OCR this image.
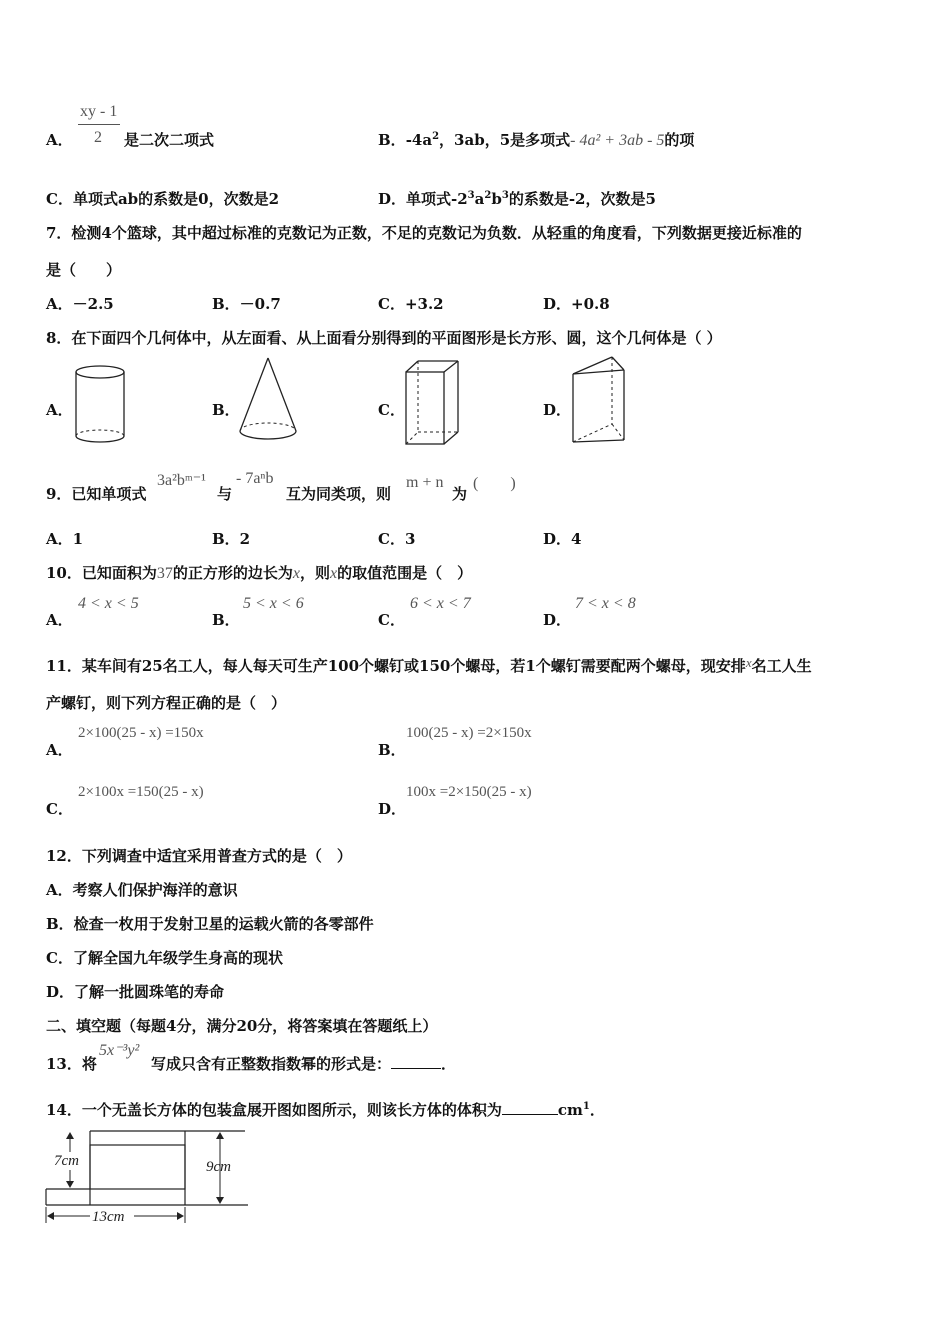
A．
xy - 1
2 是二次二项式	B．$-4a^2$，3ab，5是多项式- 4a² + 3ab - 5的项
C．单项式ab的系数是0，次数是2	D．单项式$-2^3a^2b^3$的系数是-2，次数是5
7．检测4个篮球，其中超过标准的克数记为正数，不足的克数记为负数．从轻重的角度看，下列数据更接近标准的
是（　　）
A．－2.5	B．－0.7	C．+3.2	D．+0.8
8．在下面四个几何体中，从左面看、从上面看分别得到的平面图形是长方形、圆，这个几何体是（ ）
A．	B．	C．	D．
9．已知单项式
3a²bᵐ⁻¹
与
- 7aⁿb
互为同类项，则
m + n
为
(　　)
A．1	B．2	C．3	D．4
10．已知面积为37的正方形的边长为x，则x的取值范围是（　）
A．
4 < x < 5
B．
5 < x < 6
C．
6 < x < 7
D．
7 < x < 8
11．某车间有25名工人，每人每天可生产100个螺钉或150个螺母，若1个螺钉需要配两个螺母，现安排x名工人生
产螺钉，则下列方程正确的是（　）
A．
2×100(25 - x) =150x
B．
100(25 - x) =2×150x
C．
2×100x =150(25 - x)
D．
100x =2×150(25 - x)
12．下列调查中适宜采用普查方式的是（　）
A．考察人们保护海洋的意识
B．检查一枚用于发射卫星的运载火箭的各零部件
C．了解全国九年级学生身高的现状
D．了解一批圆珠笔的寿命
二、填空题（每题4分，满分20分，将答案填在答题纸上）
13．将
5x⁻³y²
写成只含有正整数指数幂的形式是：	．
14．一个无盖长方体的包装盒展开图如图所示，则该长方体的体积为	$cm^1$．
7cm	9cm
13cm
